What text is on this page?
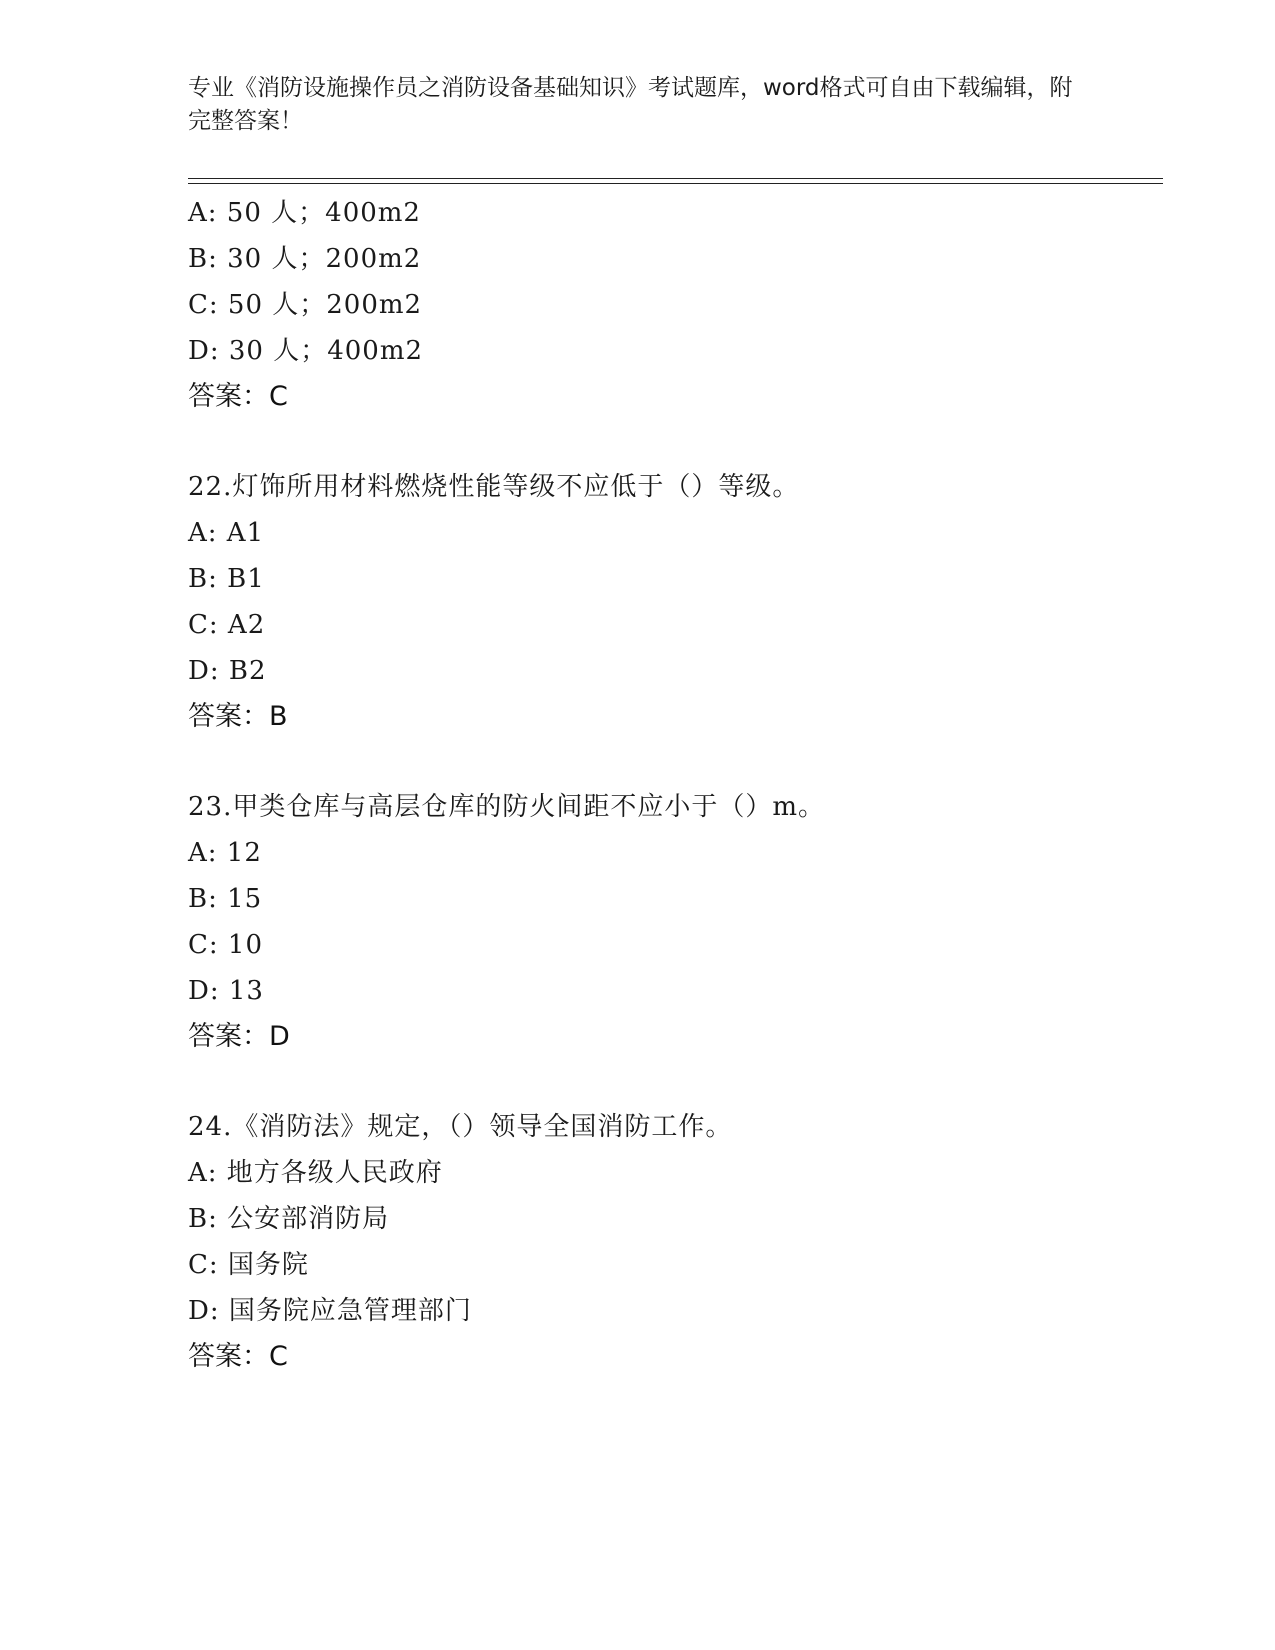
专业《消防设施操作员之消防设备基础知识》考试题库，word格式可自由下载编辑，附完整答案！
A: 50 人；400m2
B: 30 人；200m2
C: 50 人；200m2
D: 30 人；400m2
答案：C
22.灯饰所用材料燃烧性能等级不应低于（）等级。
A: A1
B: B1
C: A2
D: B2
答案：B
23.甲类仓库与高层仓库的防火间距不应小于（）m。
A: 12
B: 15
C: 10
D: 13
答案：D
24.《消防法》规定，（）领导全国消防工作。
A: 地方各级人民政府
B: 公安部消防局
C: 国务院
D: 国务院应急管理部门
答案：C
